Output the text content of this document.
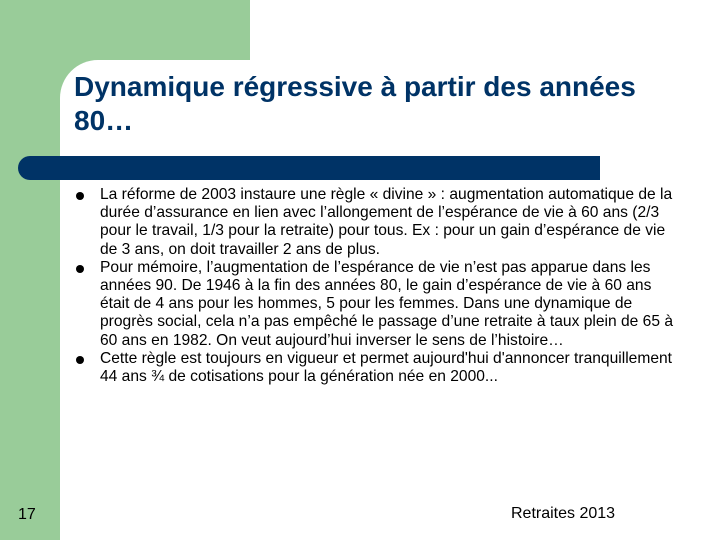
Dynamique régressive à partir des années 80…
La réforme de 2003 instaure une règle « divine » : augmentation automatique de la durée d’assurance en lien avec l’allongement de l’espérance de vie à 60 ans (2/3 pour le travail, 1/3 pour la retraite) pour tous. Ex : pour un gain d’espérance de vie de 3 ans, on doit travailler 2 ans de plus.
Pour mémoire, l’augmentation de l’espérance de vie n’est pas apparue dans les années 90. De 1946 à la fin des années 80, le gain d’espérance de vie à 60 ans était de 4 ans pour les hommes, 5 pour les femmes. Dans une dynamique de progrès social, cela n’a pas empêché le passage d’une retraite à taux plein de 65 à 60 ans en 1982. On veut aujourd’hui inverser le sens de l’histoire…
Cette règle est toujours en vigueur et permet aujourd'hui d'annoncer tranquillement 44 ans ¾ de cotisations pour la génération née en 2000...
17	Retraites 2013
